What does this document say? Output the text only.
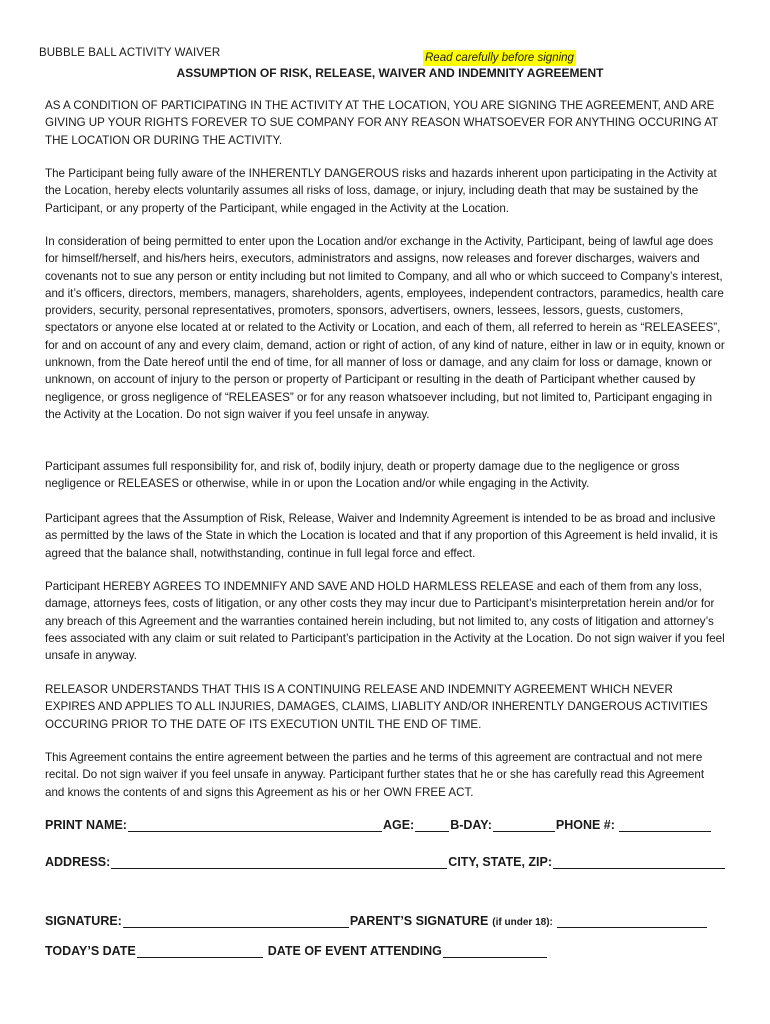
BUBBLE BALL ACTIVITY WAIVER	Read carefully before signing
ASSUMPTION OF RISK, RELEASE, WAIVER AND INDEMNITY AGREEMENT

AS A CONDITION OF PARTICIPATING IN THE ACTIVITY AT THE LOCATION, YOU ARE SIGNING THE AGREEMENT, AND ARE GIVING UP YOUR RIGHTS FOREVER TO SUE COMPANY FOR ANY REASON WHATSOEVER FOR ANYTHING OCCURING AT THE LOCATION OR DURING THE ACTIVITY.

The Participant being fully aware of the INHERENTLY DANGEROUS risks and hazards inherent upon participating in the Activity at the Location, hereby elects voluntarily assumes all risks of loss, damage, or injury, including death that may be sustained by the Participant, or any property of the Participant, while engaged in the Activity at the Location.

In consideration of being permitted to enter upon the Location and/or exchange in the Activity, Participant, being of lawful age does for himself/herself, and his/hers heirs, executors, administrators and assigns, now releases and forever discharges, waivers and covenants not to sue any person or entity including but not limited to Company, and all who or which succeed to Company’s interest, and it’s officers, directors, members, managers, shareholders, agents, employees, independent contractors, paramedics, health care providers, security, personal representatives, promoters, sponsors, advertisers, owners, lessees, lessors, guests, customers, spectators or anyone else located at or related to the Activity or Location, and each of them, all referred to herein as “RELEASEES”, for and on account of any and every claim, demand, action or right of action, of any kind of nature, either in law or in equity, known or unknown, from the Date hereof until the end of time, for all manner of loss or damage, and any claim for loss or damage, known or unknown, on account of injury to the person or property of Participant or resulting in the death of Participant whether caused by negligence, or gross negligence of “RELEASES” or for any reason whatsoever including, but not limited to, Participant engaging in the Activity at the Location. Do not sign waiver if you feel unsafe in anyway.

Participant assumes full responsibility for, and risk of, bodily injury, death or property damage due to the negligence or gross negligence or RELEASES or otherwise, while in or upon the Location and/or while engaging in the Activity.

Participant agrees that the Assumption of Risk, Release, Waiver and Indemnity Agreement is intended to be as broad and inclusive as permitted by the laws of the State in which the Location is located and that if any proportion of this Agreement is held invalid, it is agreed that the balance shall, notwithstanding, continue in full legal force and effect.

Participant HEREBY AGREES TO INDEMNIFY AND SAVE AND HOLD HARMLESS RELEASE and each of them from any loss, damage, attorneys fees, costs of litigation, or any other costs they may incur due to Participant’s misinterpretation herein and/or for any breach of this Agreement and the warranties contained herein including, but not limited to, any costs of litigation and attorney’s fees associated with any claim or suit related to Participant’s participation in the Activity at the Location. Do not sign waiver if you feel unsafe in anyway.

RELEASOR UNDERSTANDS THAT THIS IS A CONTINUING RELEASE AND INDEMNITY AGREEMENT WHICH NEVER EXPIRES AND APPLIES TO ALL INJURIES, DAMAGES, CLAIMS, LIABLITY AND/OR INHERENTLY DANGEROUS ACTIVITIES OCCURING PRIOR TO THE DATE OF ITS EXECUTION UNTIL THE END OF TIME.

This Agreement contains the entire agreement between the parties and he terms of this agreement are contractual and not mere recital. Do not sign waiver if you feel unsafe in anyway. Participant further states that he or she has carefully read this Agreement and knows the contents of and signs this Agreement as his or her OWN FREE ACT.

PRINT NAME:	AGE:	B-DAY:	PHONE #:
ADDRESS:	CITY, STATE, ZIP:
SIGNATURE:	PARENT’S SIGNATURE (if under 18):
TODAY’S DATE	DATE OF EVENT ATTENDING
